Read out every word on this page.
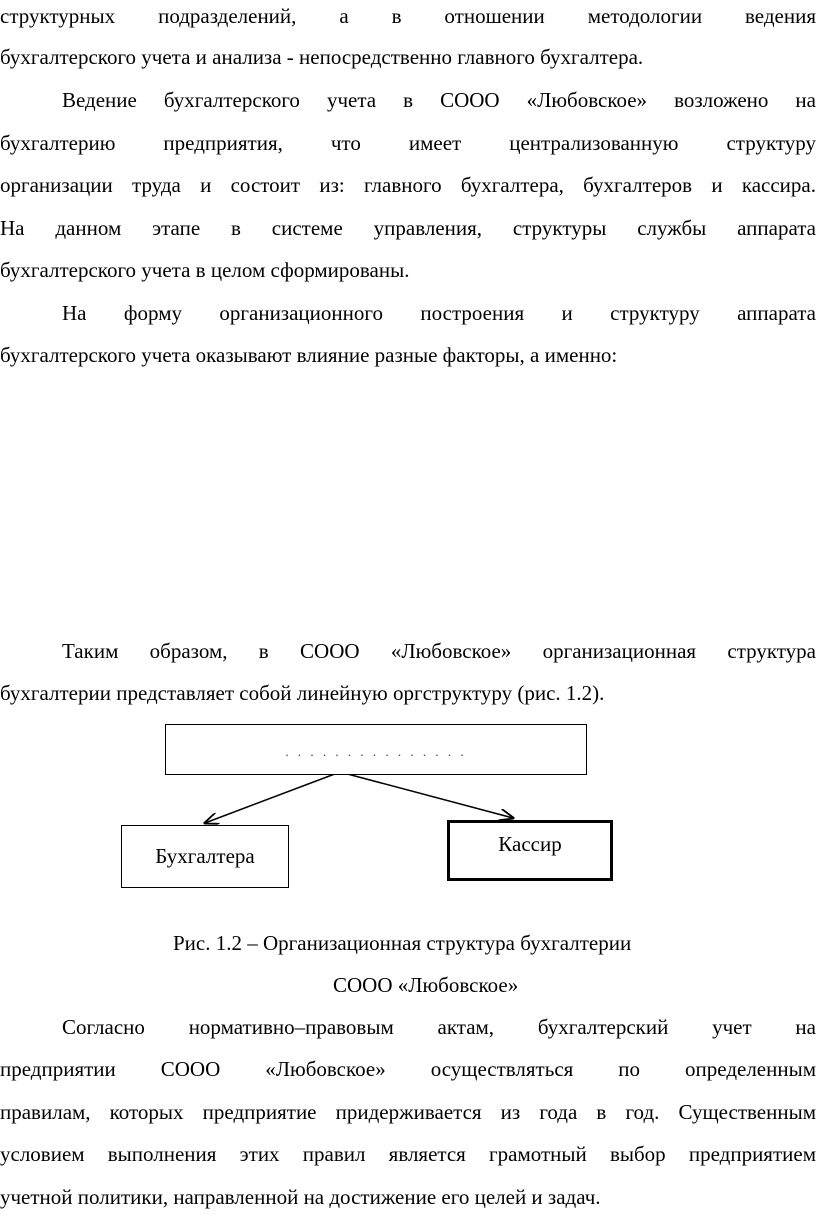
структурных подразделений, а в отношении методологии ведения
бухгалтерского учета и анализа - непосредственно главного бухгалтера.
Ведение бухгалтерского учета в СООО «Любовское» возложено на
бухгалтерию предприятия, что имеет централизованную структуру
организации труда и состоит из: главного бухгалтера, бухгалтеров и кассира.
На данном этапе в системе управления, структуры службы аппарата
бухгалтерского учета в целом сформированы.
На форму организационного построения и структуру аппарата
бухгалтерского учета оказывают влияние разные факторы, а именно:
Таким образом, в СООО «Любовское» организационная структура
бухгалтерии представляет собой линейную оргструктуру (рис. 1.2).
. . . . . . . . . . . . . . .
Бухгалтера	Кассир
Рис. 1.2 – Организационная структура бухгалтерии
СООО «Любовское»
Согласно нормативно–правовым актам, бухгалтерский учет на
предприятии СООО «Любовское» осуществляться по определенным
правилам, которых предприятие придерживается из года в год. Существенным
условием выполнения этих правил является грамотный выбор предприятием
учетной политики, направленной на достижение его целей и задач.
